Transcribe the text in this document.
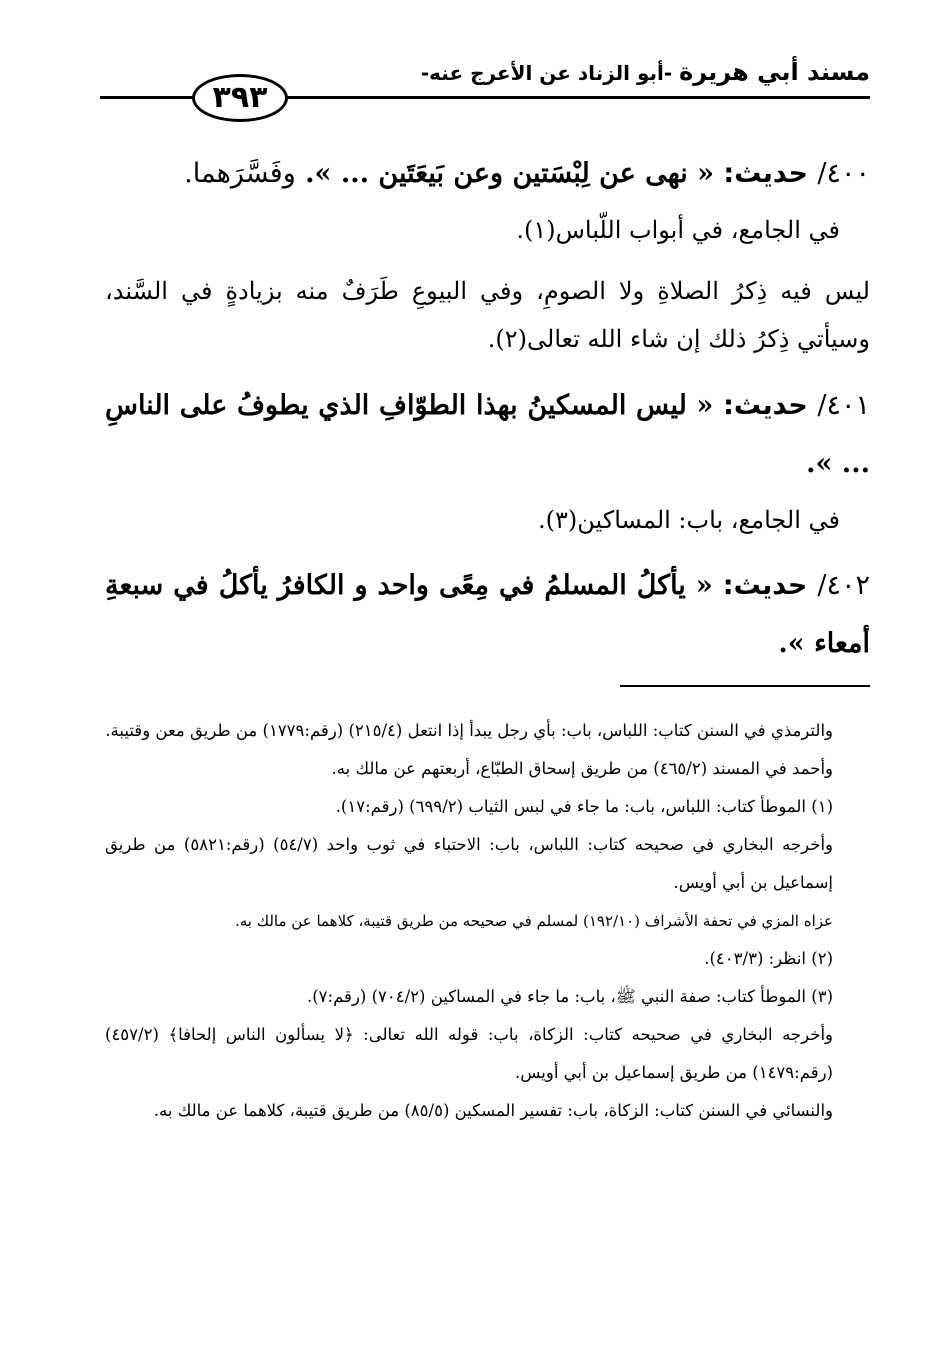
مسند أبي هريرة -أبو الزناد عن الأعرج عنه-
٣٩٣

٤٠٠/ حديث: « نهى عن لِبْسَتين وعن بَيعَتَين ... ». وفَسَّرَهما.

في الجامع، في أبواب اللّباس(١).

ليس فيه ذِكرُ الصلاةِ ولا الصومِ، وفي البيوعِ طَرَفٌ منه بزيادةٍ في السَّند، وسيأتي ذِكرُ ذلك إن شاء الله تعالى(٢).

٤٠١/ حديث: « ليس المسكينُ بهذا الطوّافِ الذي يطوفُ على الناسِ ... ».

في الجامع، باب: المساكين(٣).

٤٠٢/ حديث: « يأكلُ المسلمُ في مِعًى واحد و الكافرُ يأكلُ في سبعةِ أمعاء ».

والترمذي في السنن كتاب: اللباس، باب: بأي رجل يبدأ إذا انتعل (٢١٥/٤) (رقم:١٧٧٩) من طريق معن وقتيبة.

وأحمد في المسند (٤٦٥/٢) من طريق إسحاق الطبّاع، أربعتهم عن مالك به.

(١) الموطأ كتاب: اللباس، باب: ما جاء في لبس الثياب (٦٩٩/٢) (رقم:١٧).

وأخرجه البخاري في صحيحه كتاب: اللباس، باب: الاحتباء في ثوب واحد (٥٤/٧) (رقم:٥٨٢١) من طريق إسماعيل بن أبي أويس.

عزاه المزي في تحفة الأشراف (١٩٢/١٠) لمسلم في صحيحه من طريق قتيبة، كلاهما عن مالك به.

(٢) انظر: (٤٠٣/٣).

(٣) الموطأ كتاب: صفة النبي ﷺ، باب: ما جاء في المساكين (٧٠٤/٢) (رقم:٧).

وأخرجه البخاري في صحيحه كتاب: الزكاة، باب: قوله الله تعالى: ﴿لا يسألون الناس إلحافا﴾ (٤٥٧/٢) (رقم:١٤٧٩) من طريق إسماعيل بن أبي أويس.

والنسائي في السنن كتاب: الزكاة، باب: تفسير المسكين (٨٥/٥) من طريق قتيبة، كلاهما عن مالك به.
